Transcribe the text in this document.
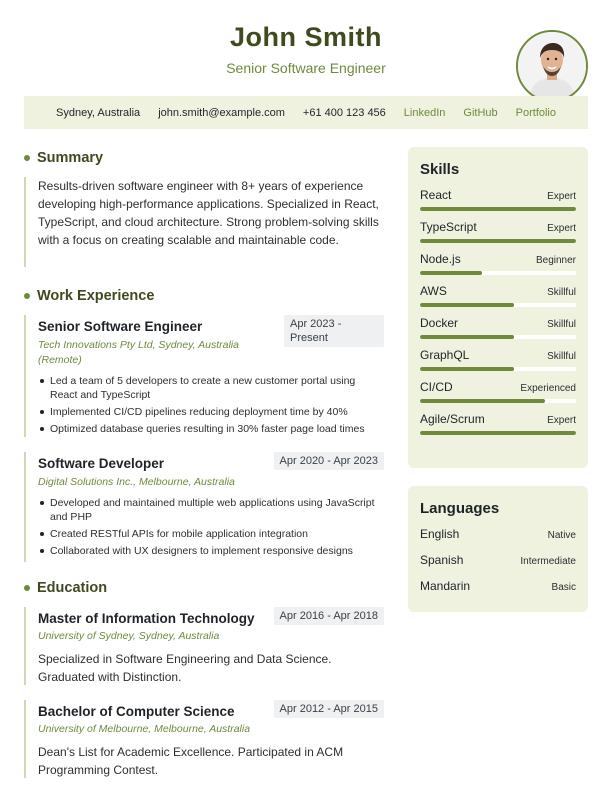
John Smith
Senior Software Engineer
Sydney, Australia john.smith@example.com +61 400 123 456 LinkedIn GitHub Portfolio
Summary
Results-driven software engineer with 8+ years of experience developing high-performance applications. Specialized in React, TypeScript, and cloud architecture. Strong problem-solving skills with a focus on creating scalable and maintainable code.
Work Experience
Senior Software Engineer
Tech Innovations Pty Ltd, Sydney, Australia (Remote)
Apr 2023 - Present
Led a team of 5 developers to create a new customer portal using React and TypeScript
Implemented CI/CD pipelines reducing deployment time by 40%
Optimized database queries resulting in 30% faster page load times
Software Developer	Apr 2020 - Apr 2023
Digital Solutions Inc., Melbourne, Australia
Developed and maintained multiple web applications using JavaScript and PHP
Created RESTful APIs for mobile application integration
Collaborated with UX designers to implement responsive designs
Education
Master of Information Technology	Apr 2016 - Apr 2018
University of Sydney, Sydney, Australia
Specialized in Software Engineering and Data Science. Graduated with Distinction.
Bachelor of Computer Science	Apr 2012 - Apr 2015
University of Melbourne, Melbourne, Australia
Dean's List for Academic Excellence. Participated in ACM Programming Contest.
Skills
React	Expert
TypeScript	Expert
Node.js	Beginner
AWS	Skillful
Docker	Skillful
GraphQL	Skillful
CI/CD	Experienced
Agile/Scrum	Expert
Languages
English	Native
Spanish	Intermediate
Mandarin	Basic
